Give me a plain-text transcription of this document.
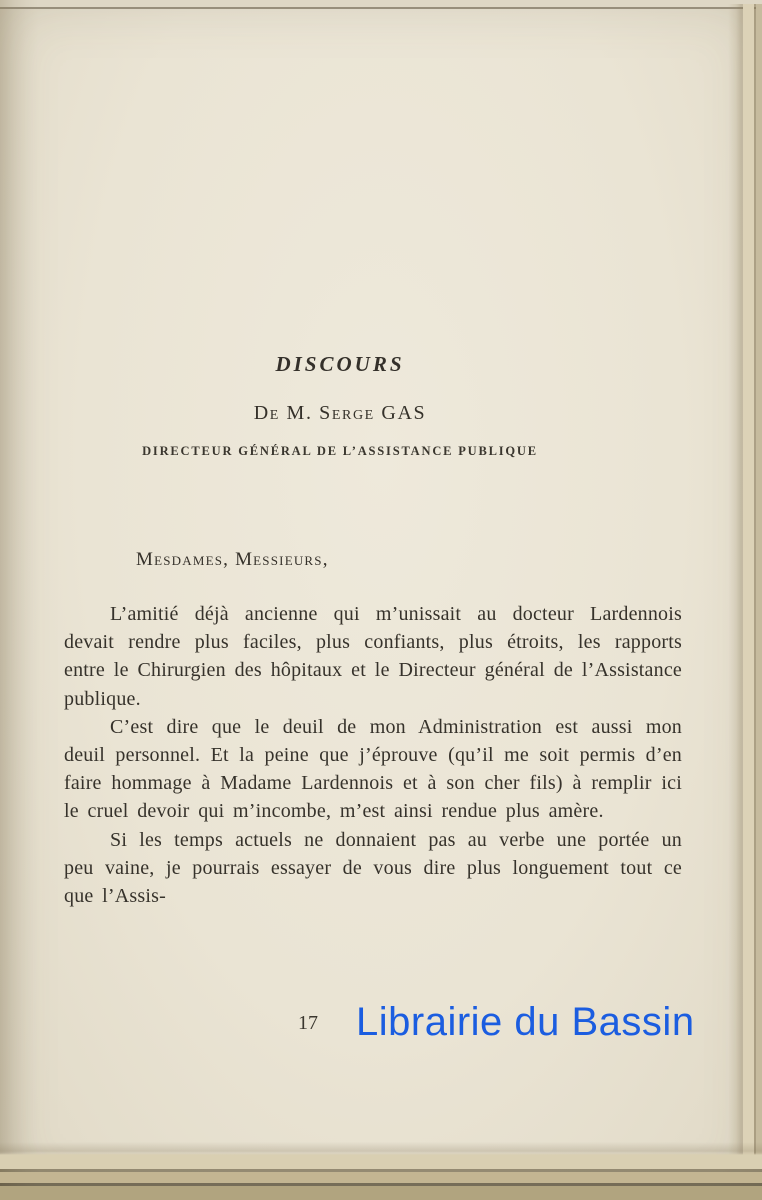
DISCOURS
De M. Serge GAS
DIRECTEUR GÉNÉRAL DE L’ASSISTANCE PUBLIQUE

Mesdames, Messieurs,

L’amitié déjà ancienne qui m’unissait au docteur Lardennois devait rendre plus faciles, plus confiants, plus étroits, les rapports entre le Chirurgien des hôpitaux et le Directeur général de l’Assistance publique.

C’est dire que le deuil de mon Administration est aussi mon deuil personnel. Et la peine que j’éprouve (qu’il me soit permis d’en faire hommage à Madame Lardennois et à son cher fils) à remplir ici le cruel devoir qui m’incombe, m’est ainsi rendue plus amère.

Si les temps actuels ne donnaient pas au verbe une portée un peu vaine, je pourrais essayer de vous dire plus longuement tout ce que l’Assis-

17 Librairie du Bassin
